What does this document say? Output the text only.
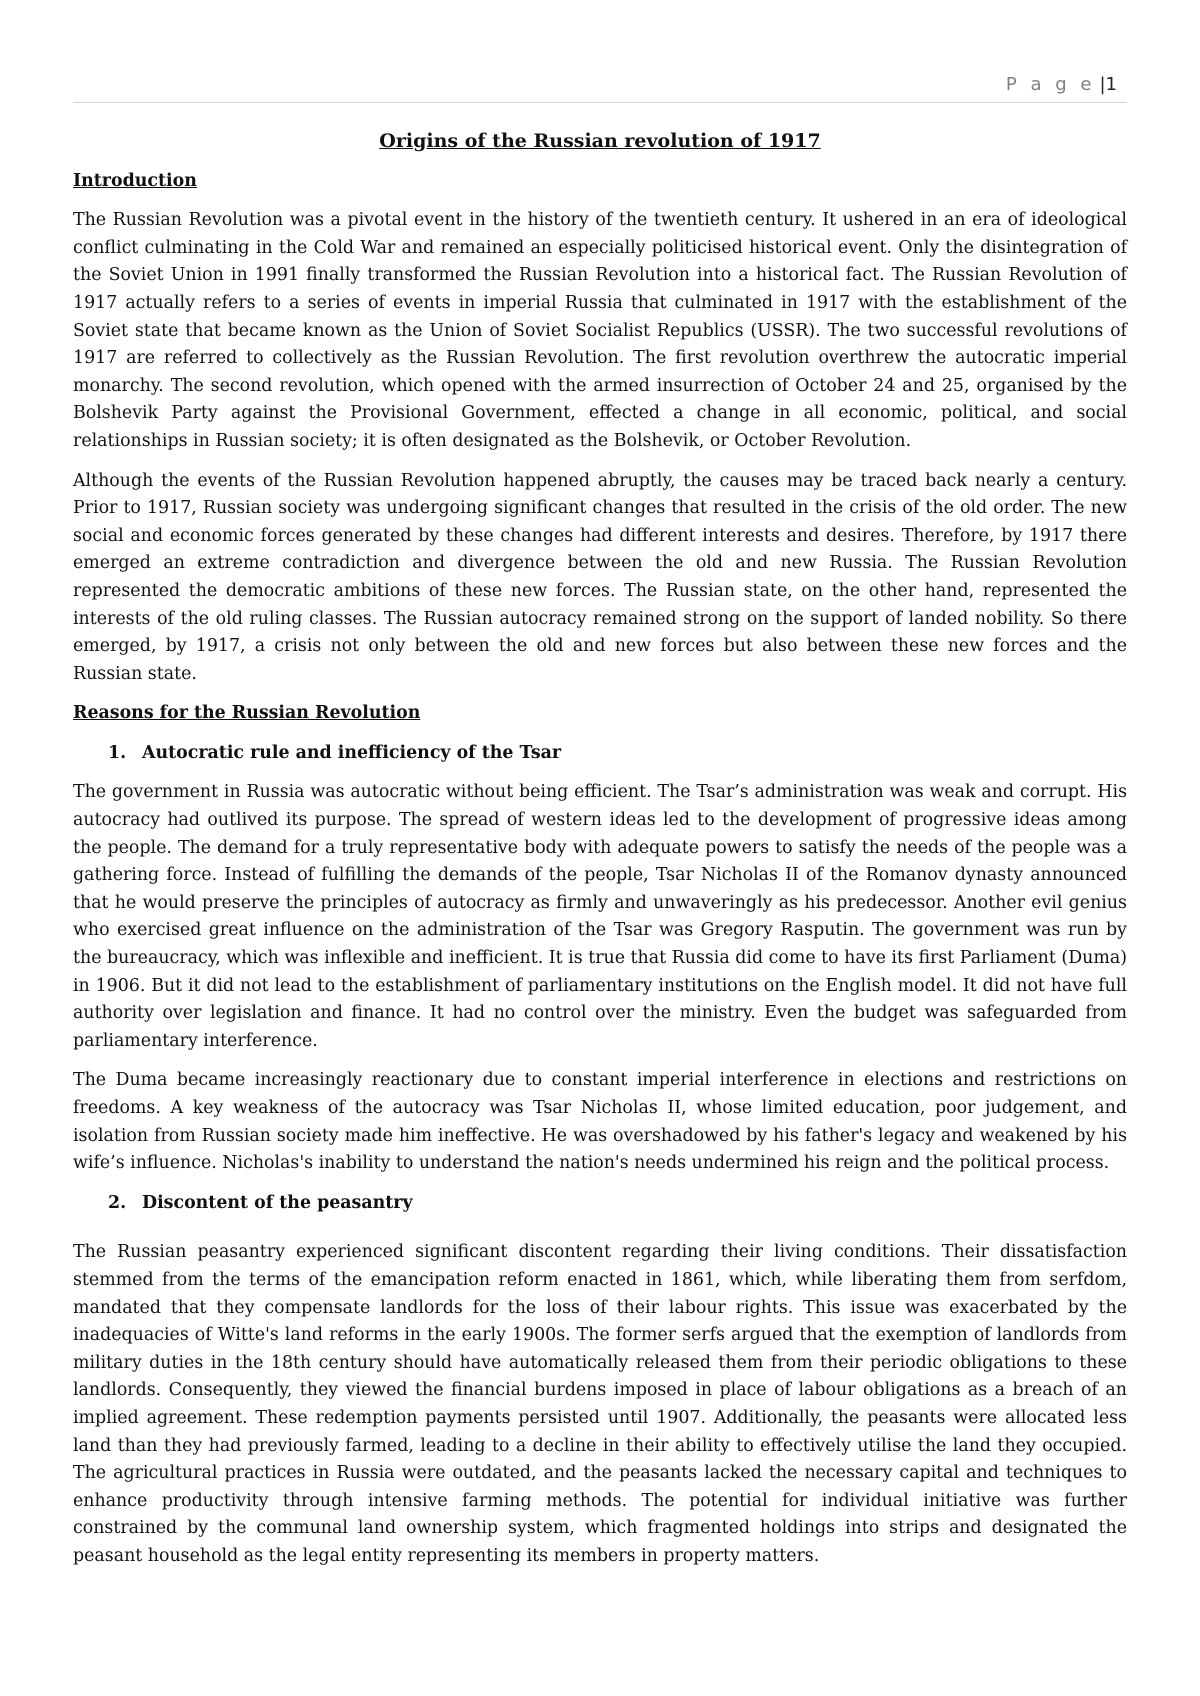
P a g e |1
Origins of the Russian revolution of 1917
Introduction

The Russian Revolution was a pivotal event in the history of the twentieth century. It ushered in an era of ideological conflict culminating in the Cold War and remained an especially politicised historical event. Only the disintegration of the Soviet Union in 1991 finally transformed the Russian Revolution into a historical fact. The Russian Revolution of 1917 actually refers to a series of events in imperial Russia that culminated in 1917 with the establishment of the Soviet state that became known as the Union of Soviet Socialist Republics (USSR). The two successful revolutions of 1917 are referred to collectively as the Russian Revolution. The first revolution overthrew the autocratic imperial monarchy. The second revolution, which opened with the armed insurrection of October 24 and 25, organised by the Bolshevik Party against the Provisional Government, effected a change in all economic, political, and social relationships in Russian society; it is often designated as the Bolshevik, or October Revolution.

Although the events of the Russian Revolution happened abruptly, the causes may be traced back nearly a century. Prior to 1917, Russian society was undergoing significant changes that resulted in the crisis of the old order. The new social and economic forces generated by these changes had different interests and desires. Therefore, by 1917 there emerged an extreme contradiction and divergence between the old and new Russia. The Russian Revolution represented the democratic ambitions of these new forces. The Russian state, on the other hand, represented the interests of the old ruling classes. The Russian autocracy remained strong on the support of landed nobility. So there emerged, by 1917, a crisis not only between the old and new forces but also between these new forces and the Russian state.

Reasons for the Russian Revolution
1. Autocratic rule and inefficiency of the Tsar

The government in Russia was autocratic without being efficient. The Tsar’s administration was weak and corrupt. His autocracy had outlived its purpose. The spread of western ideas led to the development of progressive ideas among the people. The demand for a truly representative body with adequate powers to satisfy the needs of the people was a gathering force. Instead of fulfilling the demands of the people, Tsar Nicholas II of the Romanov dynasty announced that he would preserve the principles of autocracy as firmly and unwaveringly as his predecessor. Another evil genius who exercised great influence on the administration of the Tsar was Gregory Rasputin. The government was run by the bureaucracy, which was inflexible and inefficient. It is true that Russia did come to have its first Parliament (Duma) in 1906. But it did not lead to the establishment of parliamentary institutions on the English model. It did not have full authority over legislation and finance. It had no control over the ministry. Even the budget was safeguarded from parliamentary interference.

The Duma became increasingly reactionary due to constant imperial interference in elections and restrictions on freedoms. A key weakness of the autocracy was Tsar Nicholas II, whose limited education, poor judgement, and isolation from Russian society made him ineffective. He was overshadowed by his father's legacy and weakened by his wife’s influence. Nicholas's inability to understand the nation's needs undermined his reign and the political process.

2. Discontent of the peasantry

The Russian peasantry experienced significant discontent regarding their living conditions. Their dissatisfaction stemmed from the terms of the emancipation reform enacted in 1861, which, while liberating them from serfdom, mandated that they compensate landlords for the loss of their labour rights. This issue was exacerbated by the inadequacies of Witte's land reforms in the early 1900s. The former serfs argued that the exemption of landlords from military duties in the 18th century should have automatically released them from their periodic obligations to these landlords. Consequently, they viewed the financial burdens imposed in place of labour obligations as a breach of an implied agreement. These redemption payments persisted until 1907. Additionally, the peasants were allocated less land than they had previously farmed, leading to a decline in their ability to effectively utilise the land they occupied. The agricultural practices in Russia were outdated, and the peasants lacked the necessary capital and techniques to enhance productivity through intensive farming methods. The potential for individual initiative was further constrained by the communal land ownership system, which fragmented holdings into strips and designated the peasant household as the legal entity representing its members in property matters.
